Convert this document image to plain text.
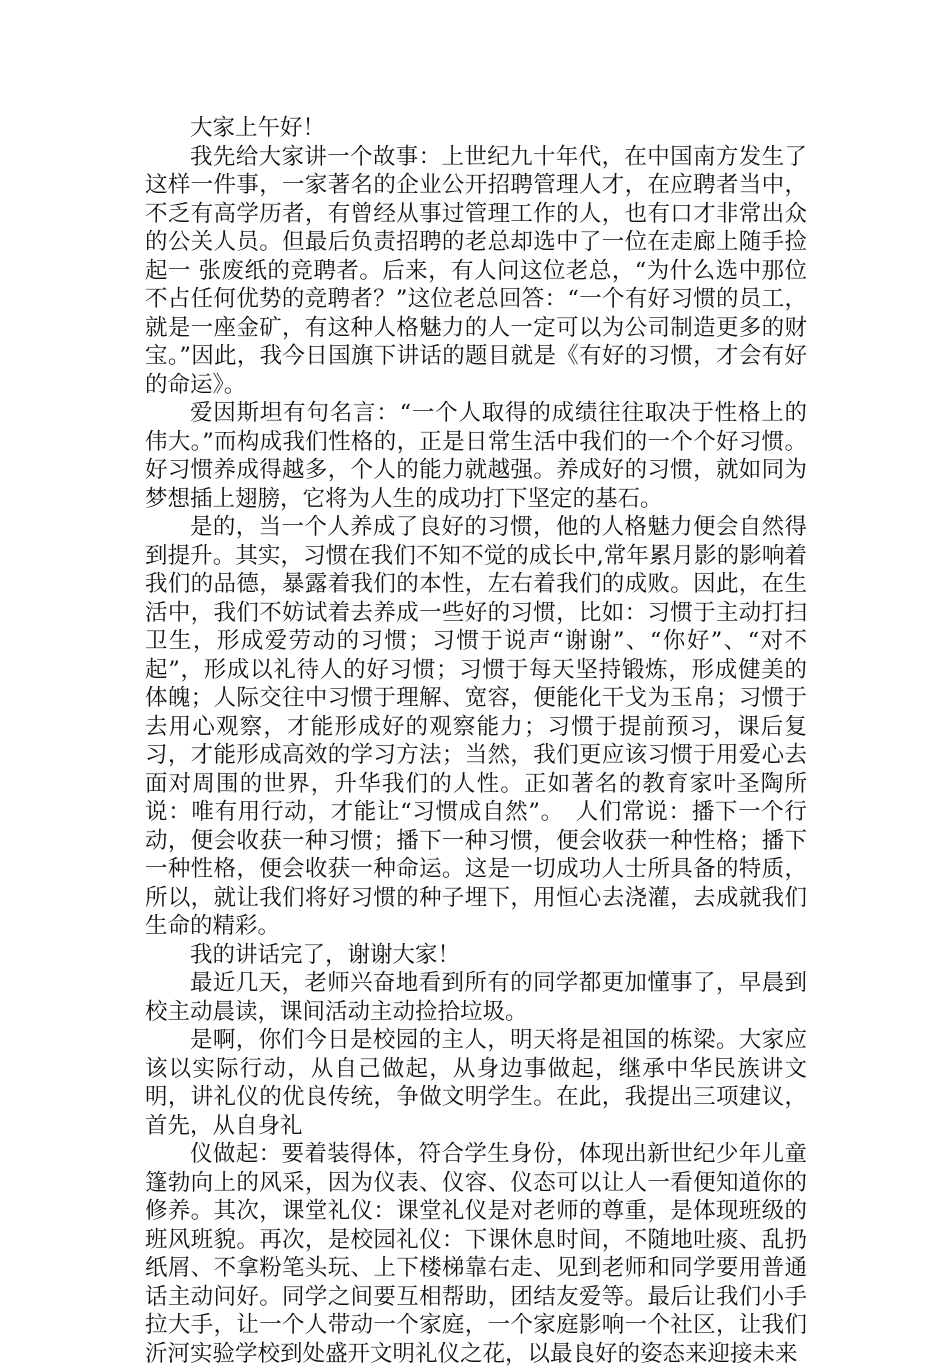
大家上午好！

我先给大家讲一个故事：上世纪九十年代，在中国南方发生了这样一件事，一家著名的企业公开招聘管理人才，在应聘者当中，不乏有高学历者，有曾经从事过管理工作的人，也有口才非常出众的公关人员。但最后负责招聘的老总却选中了一位在走廊上随手捡起一 张废纸的竞聘者。后来，有人问这位老总，“为什么选中那位不占任何优势的竞聘者？”这位老总回答：“一个有好习惯的员工，就是一座金矿，有这种人格魅力的人一定可以为公司制造更多的财宝。”因此，我今日国旗下讲话的题目就是《有好的习惯，才会有好的命运》。

爱因斯坦有句名言：“一个人取得的成绩往往取决于性格上的伟大。”而构成我们性格的，正是日常生活中我们的一个个好习惯。好习惯养成得越多，个人的能力就越强。养成好的习惯，就如同为梦想插上翅膀，它将为人生的成功打下坚定的基石。

是的，当一个人养成了良好的习惯，他的人格魅力便会自然得到提升。其实，习惯在我们不知不觉的成长中,常年累月影的影响着我们的品德，暴露着我们的本性，左右着我们的成败。因此，在生活中，我们不妨试着去养成一些好的习惯，比如：习惯于主动打扫卫生，形成爱劳动的习惯；习惯于说声“谢谢”、“你好”、“对不起”，形成以礼待人的好习惯；习惯于每天坚持锻炼，形成健美的体魄；人际交往中习惯于理解、宽容，便能化干戈为玉帛；习惯于去用心观察，才能形成好的观察能力；习惯于提前预习，课后复习，才能形成高效的学习方法；当然，我们更应该习惯于用爱心去面对周围的世界，升华我们的人性。正如著名的教育家叶圣陶所说：唯有用行动，才能让“习惯成自然”。　人们常说：播下一个行动，便会收获一种习惯；播下一种习惯，便会收获一种性格；播下一种性格，便会收获一种命运。这是一切成功人士所具备的特质，所以，就让我们将好习惯的种子埋下，用恒心去浇灌，去成就我们生命的精彩。

我的讲话完了，谢谢大家！

最近几天，老师兴奋地看到所有的同学都更加懂事了，早晨到校主动晨读，课间活动主动捡拾垃圾。

是啊，你们今日是校园的主人，明天将是祖国的栋梁。大家应该以实际行动，从自己做起，从身边事做起，继承中华民族讲文明，讲礼仪的优良传统，争做文明学生。在此，我提出三项建议，首先，从自身礼

仪做起：要着装得体，符合学生身份，体现出新世纪少年儿童篷勃向上的风采，因为仪表、仪容、仪态可以让人一看便知道你的修养。其次，课堂礼仪：课堂礼仪是对老师的尊重，是体现班级的班风班貌。再次，是校园礼仪：下课休息时间，不随地吐痰、乱扔纸屑、不拿粉笔头玩、上下楼梯靠右走、见到老师和同学要用普通话主动问好。同学之间要互相帮助，团结友爱等。最后让我们小手拉大手，让一个人带动一个家庭，一个家庭影响一个社区，让我们沂河实验学校到处盛开文明礼仪之花，以最良好的姿态来迎接未来
